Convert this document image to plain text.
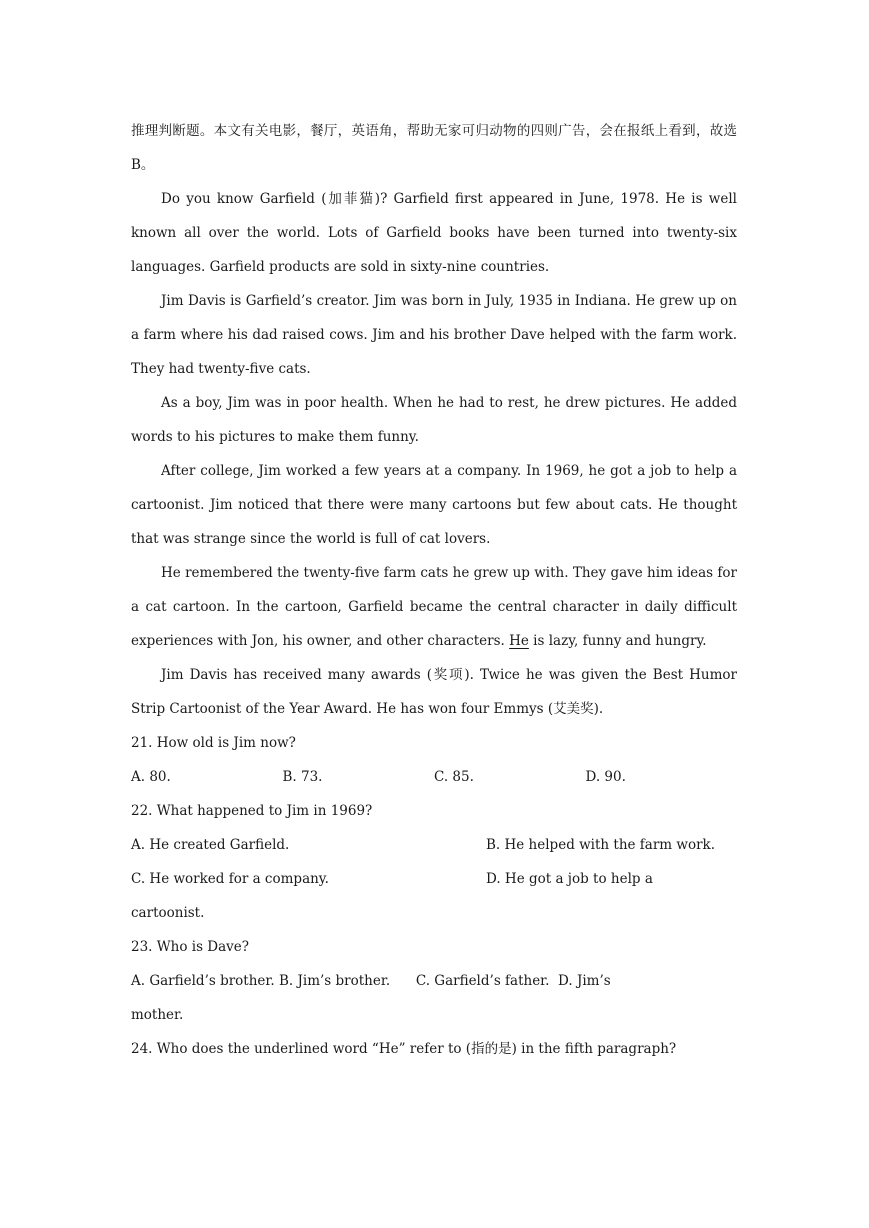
推理判断题。本文有关电影，餐厅，英语角，帮助无家可归动物的四则广告，会在报纸上看到，故选B。

Do you know Garfield (加菲猫)? Garfield first appeared in June, 1978. He is well known all over the world. Lots of Garfield books have been turned into twenty-six languages. Garfield products are sold in sixty-nine countries.

Jim Davis is Garfield’s creator. Jim was born in July, 1935 in Indiana. He grew up on a farm where his dad raised cows. Jim and his brother Dave helped with the farm work. They had twenty-five cats.

As a boy, Jim was in poor health. When he had to rest, he drew pictures. He added words to his pictures to make them funny.

After college, Jim worked a few years at a company. In 1969, he got a job to help a cartoonist. Jim noticed that there were many cartoons but few about cats. He thought that was strange since the world is full of cat lovers.

He remembered the twenty-five farm cats he grew up with. They gave him ideas for a cat cartoon. In the cartoon, Garfield became the central character in daily difficult experiences with Jon, his owner, and other characters. He is lazy, funny and hungry.

Jim Davis has received many awards (奖项). Twice he was given the Best Humor Strip Cartoonist of the Year Award. He has won four Emmys (艾美奖).

21. How old is Jim now?

A. 80.	B. 73.	C. 85.	D. 90.

22. What happened to Jim in 1969?

A. He created Garfield.	B. He helped with the farm work.
C. He worked for a company.	D. He got a job to help a

cartoonist.

23. Who is Dave?

A. Garfield’s brother. B. Jim’s brother.      C. Garfield’s father.  D. Jim’s

mother.

24. Who does the underlined word “He” refer to (指的是) in the fifth paragraph?
